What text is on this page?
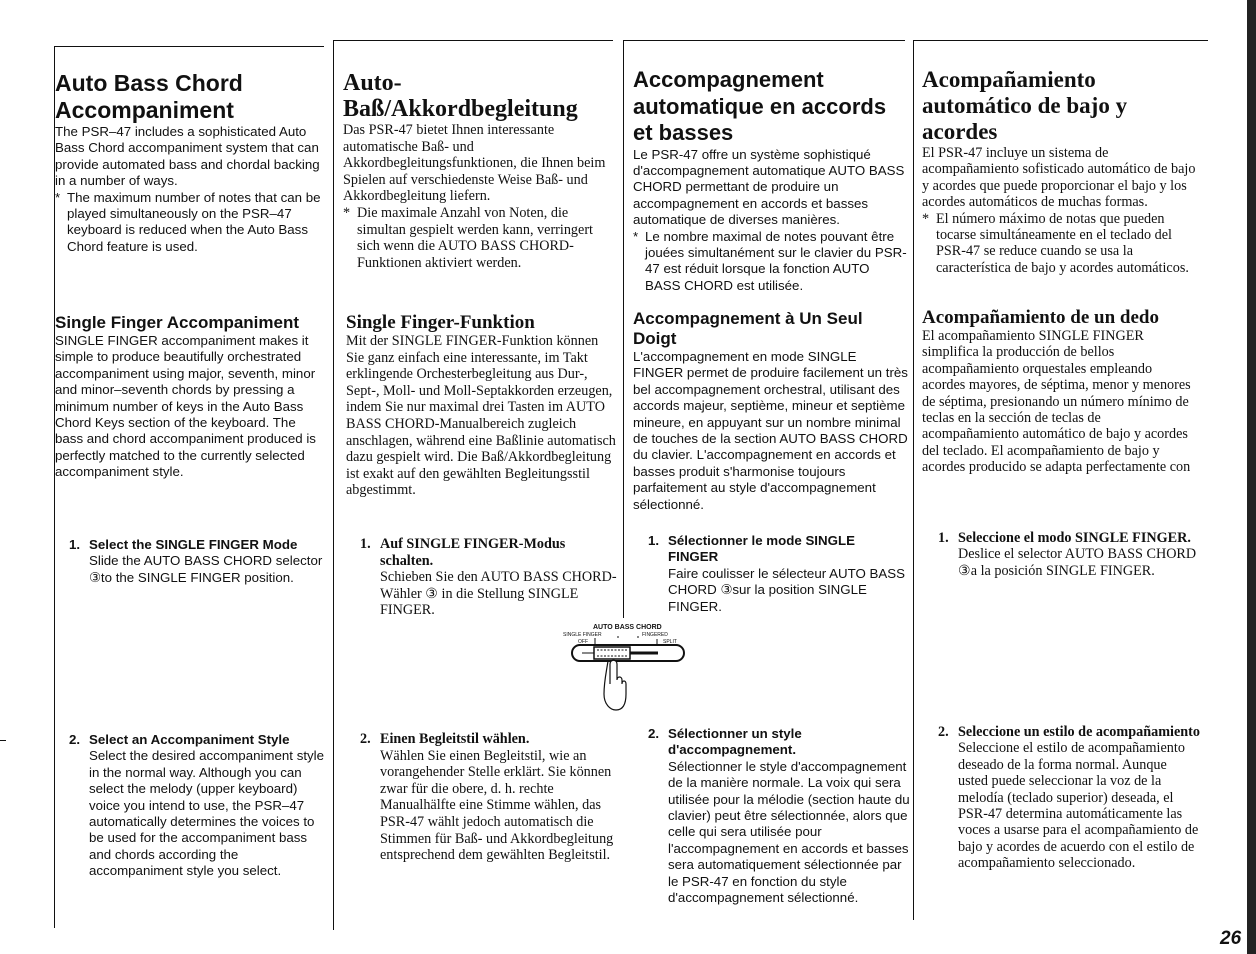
Auto Bass Chord Accompaniment

The PSR–47 includes a sophisticated Auto Bass Chord accompaniment system that can provide automated bass and chordal backing in a number of ways.

* The maximum number of notes that can be played simultaneously on the PSR–47 keyboard is reduced when the Auto Bass Chord feature is used.

Single Finger Accompaniment

SINGLE FINGER accompaniment makes it simple to produce beautifully orchestrated accompaniment using major, seventh, minor and minor–seventh chords by pressing a minimum number of keys in the Auto Bass Chord Keys section of the keyboard. The bass and chord accompaniment produced is perfectly matched to the currently selected accompaniment style.

1. Select the SINGLE FINGER Mode
Slide the AUTO BASS CHORD selector ③to the SINGLE FINGER position.

2. Select an Accompaniment Style
Select the desired accompaniment style in the normal way. Although you can select the melody (upper keyboard) voice you intend to use, the PSR–47 automatically determines the voices to be used for the accompaniment bass and chords according the accompaniment style you select.

Auto-Baß/Akkordbegleitung

Das PSR-47 bietet Ihnen interessante automatische Baß- und Akkordbegleitungsfunktionen, die Ihnen beim Spielen auf verschiedenste Weise Baß- und Akkordbegleitung liefern.

* Die maximale Anzahl von Noten, die simultan gespielt werden kann, verringert sich wenn die AUTO BASS CHORD-Funktionen aktiviert werden.

Single Finger-Funktion

Mit der SINGLE FINGER-Funktion können Sie ganz einfach eine interessante, im Takt erklingende Orchesterbegleitung aus Dur-, Sept-, Moll- und Moll-Septakkorden erzeugen, indem Sie nur maximal drei Tasten im AUTO BASS CHORD-Manualbereich zugleich anschlagen, während eine Baßlinie automatisch dazu gespielt wird. Die Baß/Akkordbegleitung ist exakt auf den gewählten Begleitungsstil abgestimmt.

1. Auf SINGLE FINGER-Modus schalten.
Schieben Sie den AUTO BASS CHORD-Wähler ③ in die Stellung SINGLE FINGER.

2. Einen Begleitstil wählen.
Wählen Sie einen Begleitstil, wie an vorangehender Stelle erklärt. Sie können zwar für die obere, d. h. rechte Manualhälfte eine Stimme wählen, das PSR-47 wählt jedoch automatisch die Stimmen für Baß- und Akkordbegleitung entsprechend dem gewählten Begleitstil.

Accompagnement automatique en accords et basses

Le PSR-47 offre un système sophistiqué d'accompagnement automatique AUTO BASS CHORD permettant de produire un accompagnement en accords et basses automatique de diverses manières.

* Le nombre maximal de notes pouvant être jouées simultanément sur le clavier du PSR-47 est réduit lorsque la fonction AUTO BASS CHORD est utilisée.

Accompagnement à Un Seul Doigt

L'accompagnement en mode SINGLE FINGER permet de produire facilement un très bel accompagnement orchestral, utilisant des accords majeur, septième, mineur et septième mineure, en appuyant sur un nombre minimal de touches de la section AUTO BASS CHORD du clavier. L'accompagnement en accords et basses produit s'harmonise toujours parfaitement au style d'accompagnement sélectionné.

1. Sélectionner le mode SINGLE FINGER
Faire coulisser le sélecteur AUTO BASS CHORD ③sur la position SINGLE FINGER.

2. Sélectionner un style d'accompagnement.
Sélectionner le style d'accompagnement de la manière normale. La voix qui sera utilisée pour la mélodie (section haute du clavier) peut être sélectionnée, alors que celle qui sera utilisée pour l'accompagnement en accords et basses sera automatiquement sélectionnée par le PSR-47 en fonction du style d'accompagnement sélectionné.

Acompañamiento automático de bajo y acordes

El PSR-47 incluye un sistema de acompañamiento sofisticado automático de bajo y acordes que puede proporcionar el bajo y los acordes automáticos de muchas formas.

* El número máximo de notas que pueden tocarse simultáneamente en el teclado del PSR-47 se reduce cuando se usa la característica de bajo y acordes automáticos.

Acompañamiento de un dedo

El acompañamiento SINGLE FINGER simplifica la producción de bellos acompañamiento orquestales empleando acordes mayores, de séptima, menor y menores de séptima, presionando un número mínimo de teclas en la sección de teclas de acompañamiento automático de bajo y acordes del teclado. El acompañamiento de bajo y acordes producido se adapta perfectamente con

1. Seleccione el modo SINGLE FINGER.
Deslice el selector AUTO BASS CHORD ③a la posición SINGLE FINGER.

2. Seleccione un estilo de acompañamiento
Seleccione el estilo de acompañamiento deseado de la forma normal. Aunque usted puede seleccionar la voz de la melodía (teclado superior) deseada, el PSR-47 determina automáticamente las voces a usarse para el acompañamiento de bajo y acordes de acuerdo con el estilo de acompañamiento seleccionado.

AUTO BASS CHORD
SINGLE FINGER	FINGERED
OFF	SPLIT
26
